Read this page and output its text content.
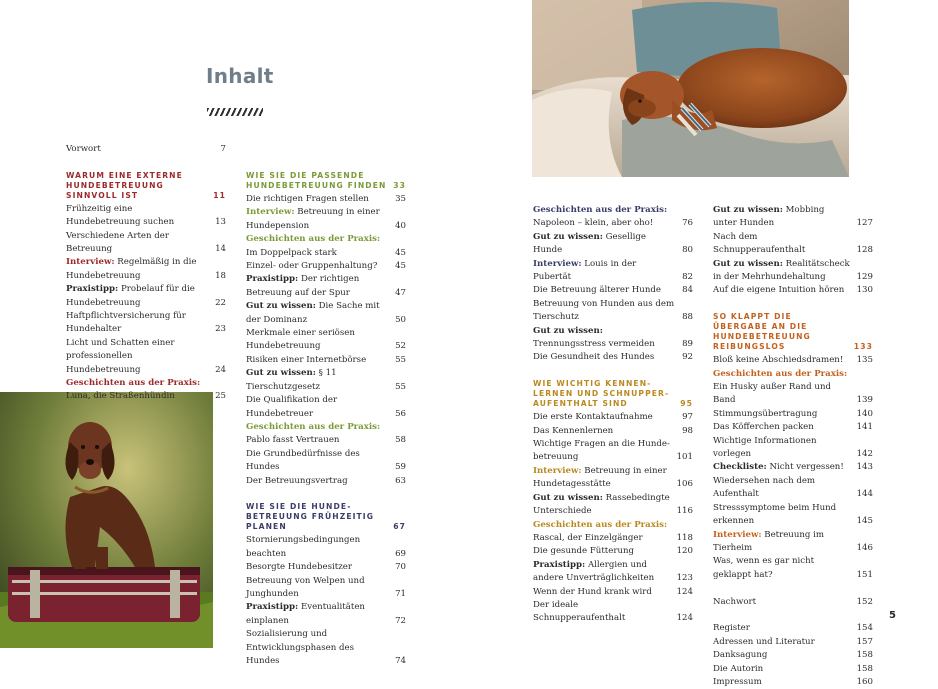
Inhalt
Vorwort	7
WARUM EINE EXTERNE HUNDEBETREUUNG SINNVOLL IST	11
Frühzeitig eine Hundebetreuung suchen	13
Verschiedene Arten der Betreuung	14
Interview: Regelmäßig in die Hundebetreuung	18
Praxistipp: Probelauf für die Hundebetreuung	22
Haftpflichtversicherung für Hundehalter	23
Licht und Schatten einer professionellen Hundebetreuung	24
Geschichten aus der Praxis: Luna, die Straßenhündin	25
WIE SIE DIE PASSENDE HUNDEBETREUUNG FINDEN 33
Die richtigen Fragen stellen	35
Interview: Betreuung in einer Hundepension	40
Geschichten aus der Praxis: Im Doppelpack stark	45
Einzel- oder Gruppenhaltung?	45
Praxistipp: Der richtigen Betreuung auf der Spur	47
Gut zu wissen: Die Sache mit der Dominanz	50
Merkmale einer seriösen Hundebetreuung	52
Risiken einer Internetbörse	55
Gut zu wissen: § 11 Tierschutzgesetz	55
Die Qualifikation der Hundebetreuer	56
Geschichten aus der Praxis: Pablo fasst Vertrauen	58
Die Grundbedürfnisse des Hundes	59
Der Betreuungsvertrag	63
WIE SIE DIE HUNDEBETREUUNG FRÜHZEITIG PLANEN	67
Stornierungsbedingungen beachten	69
Besorgte Hundebesitzer	70
Betreuung von Welpen und Junghunden	71
Praxistipp: Eventualitäten einplanen	72
Sozialisierung und Entwicklungsphasen des Hundes	74
Geschichten aus der Praxis: Napoleon – klein, aber oho!	76
Gut zu wissen: Gesellige Hunde	80
Interview: Louis in der Pubertät	82
Die Betreuung älterer Hunde	84
Betreuung von Hunden aus dem Tierschutz	88
Gut zu wissen: Trennungsstress vermeiden	89
Die Gesundheit des Hundes	92
WIE WICHTIG KENNENLERNEN UND SCHNUPPERAUFENTHALT SIND	95
Die erste Kontaktaufnahme	97
Das Kennenlernen	98
Wichtige Fragen an die Hundebetreuung	101
Interview: Betreuung in einer Hundetagesstätte	106
Gut zu wissen: Rassebedingte Unterschiede	116
Geschichten aus der Praxis: Rascal, der Einzelgänger	118
Die gesunde Fütterung	120
Praxistipp: Allergien und andere Unverträglichkeiten	123
Wenn der Hund krank wird	124
Der ideale Schnupperaufenthalt	124
Gut zu wissen: Mobbing unter Hunden	127
Nach dem Schnupperaufenthalt	128
Gut zu wissen: Realitätscheck in der Mehrhundehaltung	129
Auf die eigene Intuition hören	130
SO KLAPPT DIE ÜBERGABE AN DIE HUNDEBETREUUNG REIBUNGSLOS	133
Bloß keine Abschiedsdramen!	135
Geschichten aus der Praxis: Ein Husky außer Rand und Band	139
Stimmungsübertragung	140
Das Köfferchen packen	141
Wichtige Informationen vorlegen	142
Checkliste: Nicht vergessen!	143
Wiedersehen nach dem Aufenthalt	144
Stresssymptome beim Hund erkennen	145
Interview: Betreuung im Tierheim	146
Was, wenn es gar nicht geklappt hat?	151
Nachwort	152
Register	154
Adressen und Literatur	157
Danksagung	158
Die Autorin	158
Impressum	160
5
